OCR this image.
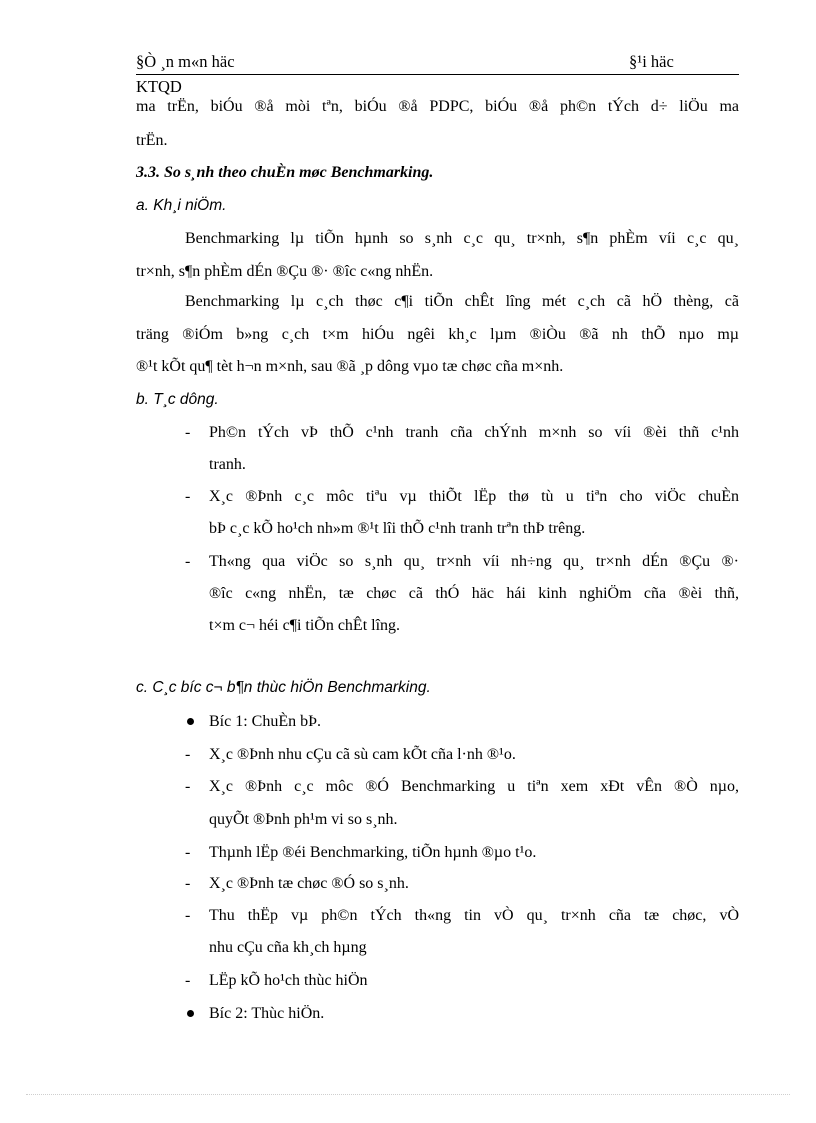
§Ò ¸n m«n häc	§¹i häc
KTQD
ma trËn, biÓu ®å mòi tªn, biÓu ®å PDPC, biÓu ®å ph©n tÝch d÷ liÖu ma
trËn.
3.3. So s¸nh theo chuÈn møc Benchmarking.
a. Kh¸i niÖm.
Benchmarking lµ tiÕn hµnh so s¸nh c¸c qu¸ tr×nh, s¶n phÈm víi c¸c qu¸
tr×nh, s¶n phÈm dÉn ®Çu ®· ®îc c«ng nhËn.
Benchmarking lµ c¸ch thøc c¶i tiÕn chÊt lîng mét c¸ch cã hÖ thèng, cã
träng ®iÓm b»ng c¸ch t×m hiÓu ngêi kh¸c lµm ®iÒu ®ã nh thÕ nµo mµ
®¹t kÕt qu¶ tèt h¬n m×nh, sau ®ã ¸p dông vµo tæ chøc cña m×nh.
b. T¸c dông.
- Ph©n tÝch vÞ thÕ c¹nh tranh cña chÝnh m×nh so víi ®èi thñ c¹nh
tranh.
- X¸c ®Þnh c¸c môc tiªu vµ thiÕt lËp thø tù u tiªn cho viÖc chuÈn
bÞ c¸c kÕ ho¹ch nh»m ®¹t lîi thÕ c¹nh tranh trªn thÞ trêng.
- Th«ng qua viÖc so s¸nh qu¸ tr×nh víi nh÷ng qu¸ tr×nh dÉn ®Çu ®·
®îc c«ng nhËn, tæ chøc cã thÓ häc hái kinh nghiÖm cña ®èi thñ,
t×m c¬ héi c¶i tiÕn chÊt lîng.
c. C¸c bíc c¬ b¶n thùc hiÖn Benchmarking.
Bíc 1: ChuÈn bÞ.
- X¸c ®Þnh nhu cÇu cã sù cam kÕt cña l·nh ®¹o.
- X¸c ®Þnh c¸c môc ®Ó Benchmarking u tiªn xem xÐt vÊn ®Ò nµo,
quyÕt ®Þnh ph¹m vi so s¸nh.
- Thµnh lËp ®éi Benchmarking, tiÕn hµnh ®µo t¹o.
- X¸c ®Þnh tæ chøc ®Ó so s¸nh.
- Thu thËp vµ ph©n tÝch th«ng tin vÒ qu¸ tr×nh cña tæ chøc, vÒ
nhu cÇu cña kh¸ch hµng
- LËp kÕ ho¹ch thùc hiÖn
Bíc 2: Thùc hiÖn.
